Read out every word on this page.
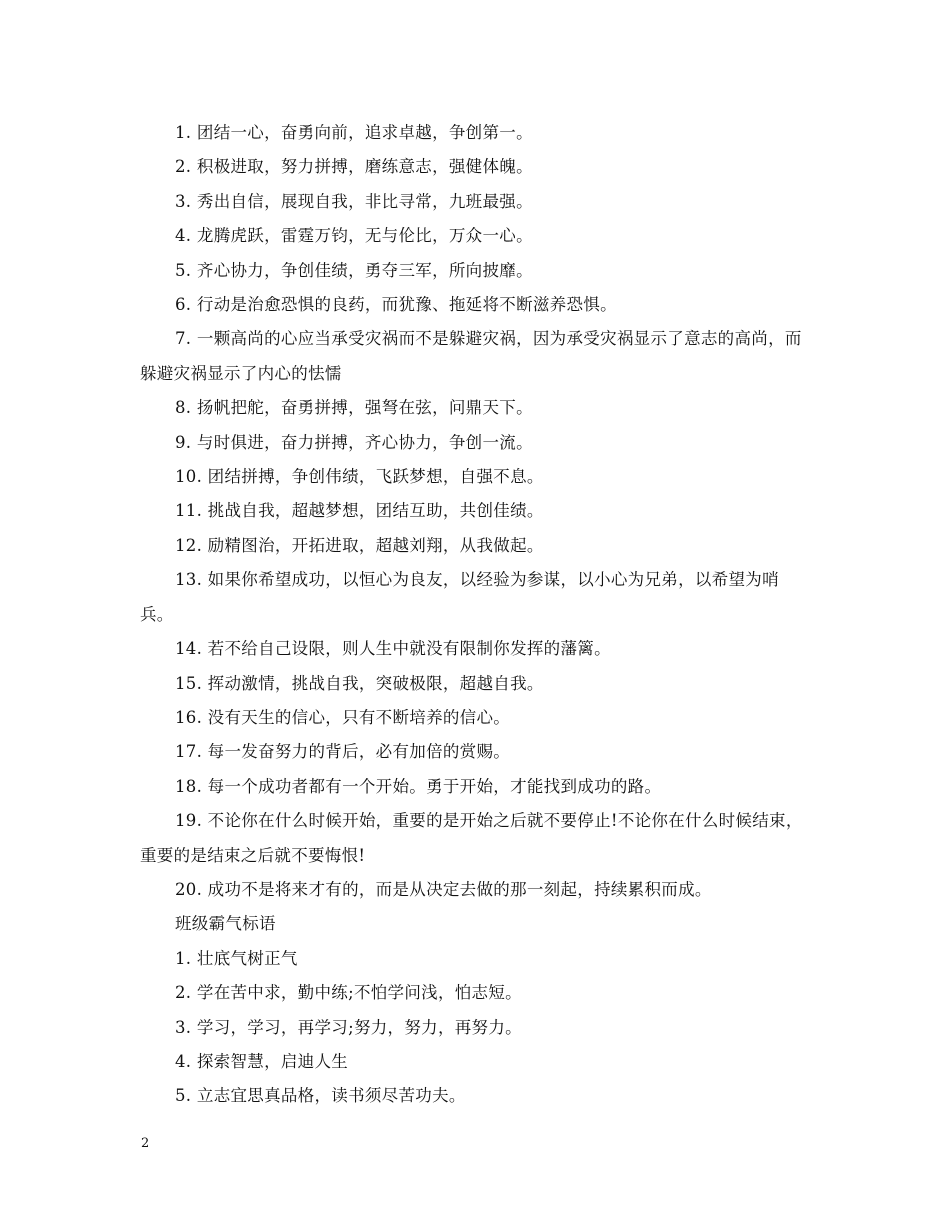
1. 团结一心，奋勇向前，追求卓越，争创第一。

2. 积极进取，努力拼搏，磨练意志，强健体魄。

3. 秀出自信，展现自我，非比寻常，九班最强。

4. 龙腾虎跃，雷霆万钧，无与伦比，万众一心。

5. 齐心协力，争创佳绩，勇夺三军，所向披靡。

6. 行动是治愈恐惧的良药，而犹豫、拖延将不断滋养恐惧。

7. 一颗高尚的心应当承受灾祸而不是躲避灾祸，因为承受灾祸显示了意志的高尚，而躲避灾祸显示了内心的怯懦

8. 扬帆把舵，奋勇拼搏，强弩在弦，问鼎天下。

9. 与时俱进，奋力拼搏，齐心协力，争创一流。

10. 团结拼搏，争创伟绩，飞跃梦想，自强不息。

11. 挑战自我，超越梦想，团结互助，共创佳绩。

12. 励精图治，开拓进取，超越刘翔，从我做起。

13. 如果你希望成功，以恒心为良友，以经验为参谋，以小心为兄弟，以希望为哨兵。

14. 若不给自己设限，则人生中就没有限制你发挥的藩篱。

15. 挥动激情，挑战自我，突破极限，超越自我。

16. 没有天生的信心，只有不断培养的信心。

17. 每一发奋努力的背后，必有加倍的赏赐。

18. 每一个成功者都有一个开始。勇于开始，才能找到成功的路。

19. 不论你在什么时候开始，重要的是开始之后就不要停止!不论你在什么时候结束，重要的是结束之后就不要悔恨!

20. 成功不是将来才有的，而是从决定去做的那一刻起，持续累积而成。

班级霸气标语

1. 壮底气树正气

2. 学在苦中求，勤中练;不怕学问浅，怕志短。

3. 学习，学习，再学习;努力，努力，再努力。

4. 探索智慧，启迪人生

5. 立志宜思真品格，读书须尽苦功夫。

2
